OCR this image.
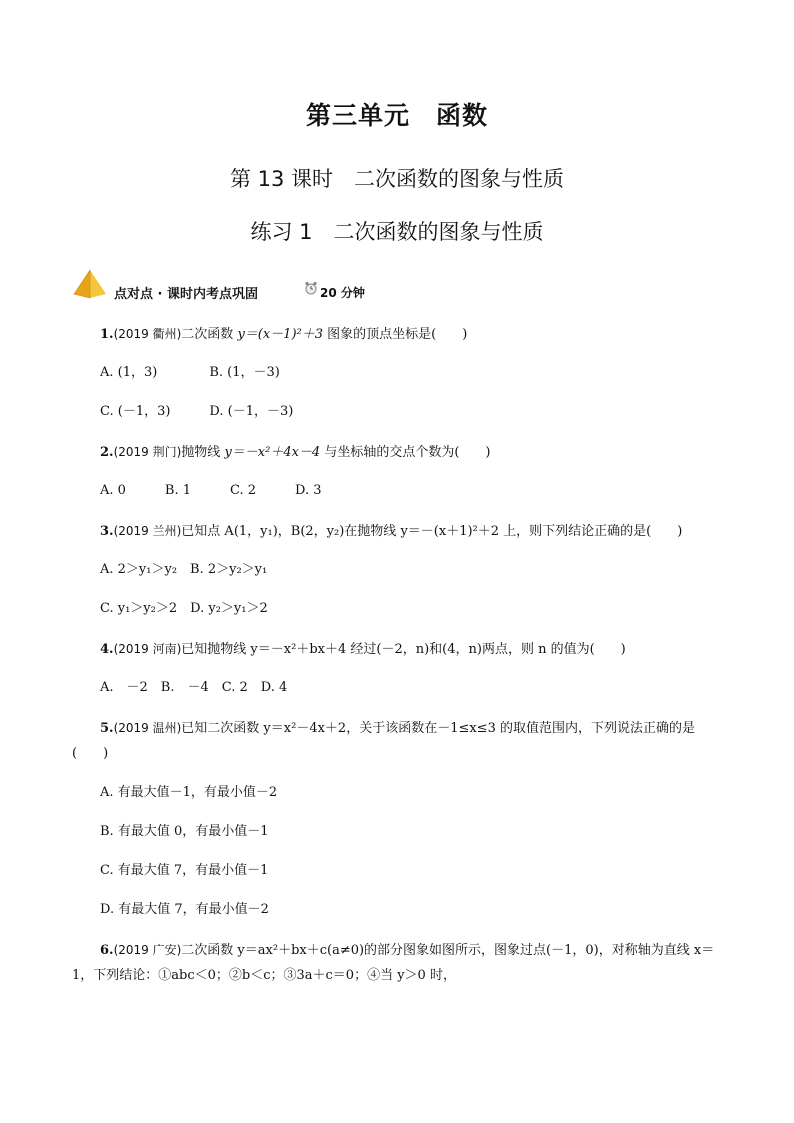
第三单元　函数
第 13 课时　二次函数的图象与性质
练习 1　二次函数的图象与性质
点对点 · 课时内考点巩固	20 分钟
1.(2019 衢州)二次函数 y＝(x－1)²＋3 图象的顶点坐标是(　　)
A. (1，3)　　　　B. (1，－3)
C. (－1，3)　　　D. (－1，－3)
2.(2019 荆门)抛物线 y＝－x²＋4x－4 与坐标轴的交点个数为(　　)
A. 0　　　B. 1　　　C. 2　　　D. 3
3.(2019 兰州)已知点 A(1，y₁)，B(2，y₂)在抛物线 y＝－(x＋1)²＋2 上，则下列结论正确的是(　　)
A. 2＞y₁＞y₂　B. 2＞y₂＞y₁
C. y₁＞y₂＞2　D. y₂＞y₁＞2
4.(2019 河南)已知抛物线 y＝－x²＋bx＋4 经过(－2，n)和(4，n)两点，则 n 的值为(　　)
A.　－2　B.　－4　C. 2　D. 4
5.(2019 温州)已知二次函数 y＝x²－4x＋2，关于该函数在－1≤x≤3 的取值范围内，下列说法正确的是
(　　)
A. 有最大值－1，有最小值－2
B. 有最大值 0，有最小值－1
C. 有最大值 7，有最小值－1
D. 有最大值 7，有最小值－2
6.(2019 广安)二次函数 y＝ax²＋bx＋c(a≠0)的部分图象如图所示，图象过点(－1，0)，对称轴为直线 x＝
1，下列结论：①abc＜0；②b＜c；③3a＋c＝0；④当 y＞0 时，
